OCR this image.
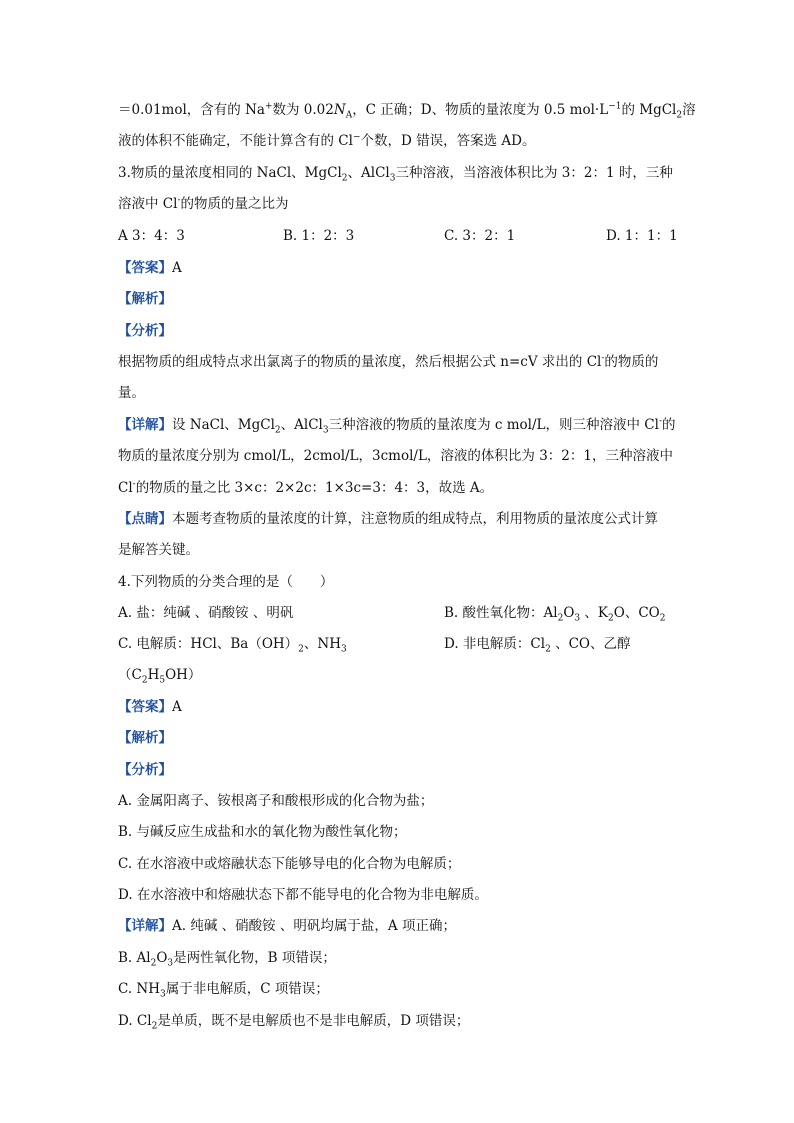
＝0.01mol，含有的 Na+数为 $0.02N_A$，C 正确；D、物质的量浓度为 0.5 $mol\cdot L^{-1}$的 MgCl$_2$溶
液的体积不能确定，不能计算含有的 Cl−个数，D 错误，答案选 AD。
3.物质的量浓度相同的 NaCl、MgCl$_2$、AlCl$_3$三种溶液，当溶液体积比为 3：2：1 时，三种
溶液中 Cl-的物质的量之比为
A 3：4：3	B. 1：2：3	C. 3：2：1	D. 1：1：1
【答案】A
【解析】
【分析】
根据物质的组成特点求出氯离子的物质的量浓度，然后根据公式 n=cV 求出的 Cl-的物质的
量。
【详解】设 NaCl、MgCl$_2$、AlCl$_3$三种溶液的物质的量浓度为 c mol/L，则三种溶液中 Cl-的
物质的量浓度分别为 cmol/L，2cmol/L，3cmol/L，溶液的体积比为 3：2：1，三种溶液中
Cl-的物质的量之比 3×c：2×2c：1×3c=3：4：3，故选 A。
【点睛】本题考查物质的量浓度的计算，注意物质的组成特点，利用物质的量浓度公式计算
是解答关键。
4.下列物质的分类合理的是（　　）
A. 盐：纯碱 、硝酸铵 、明矾	B. 酸性氧化物：$Al_2O_3$ 、$K_2O$、$CO_2$
C. 电解质：HCl、$Ba(OH)_2$、$NH_3$	D. 非电解质：$Cl_2$ 、CO、乙醇
$(C_2H_5OH)$
【答案】A
【解析】
【分析】
A. 金属阳离子、铵根离子和酸根形成的化合物为盐；
B. 与碱反应生成盐和水的氧化物为酸性氧化物；
C. 在水溶液中或熔融状态下能够导电的化合物为电解质；
D. 在水溶液中和熔融状态下都不能导电的化合物为非电解质。
【详解】A. 纯碱 、硝酸铵 、明矾均属于盐，A 项正确；
B. $Al_2O_3$是两性氧化物，B 项错误；
C. $NH_3$属于非电解质，C 项错误；
D. $Cl_2$是单质，既不是电解质也不是非电解质，D 项错误；
